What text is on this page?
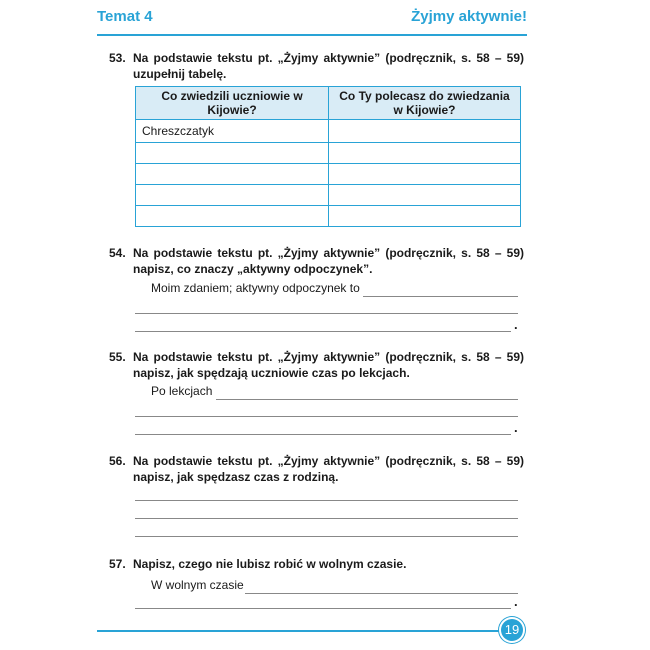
Temat 4	Żyjmy aktywnie!
53. Na podstawie tekstu pt. „Żyjmy aktywnie” (podręcznik, s. 58 – 59) uzupełnij tabelę.
Co zwiedzili uczniowie w Kijowie?	Co Ty polecasz do zwiedzania w Kijowie?
Chreszczatyk	

54. Na podstawie tekstu pt. „Żyjmy aktywnie” (podręcznik, s. 58 – 59) napisz, co znaczy „aktywny odpoczynek”.
Moim zdaniem; aktywny odpoczynek to
.
55. Na podstawie tekstu pt. „Żyjmy aktywnie” (podręcznik, s. 58 – 59) napisz, jak spędzają uczniowie czas po lekcjach.
Po lekcjach
.
56. Na podstawie tekstu pt. „Żyjmy aktywnie” (podręcznik, s. 58 – 59) napisz, jak spędzasz czas z rodziną.
57. Napisz, czego nie lubisz robić w wolnym czasie.
W wolnym czasie
.
19
